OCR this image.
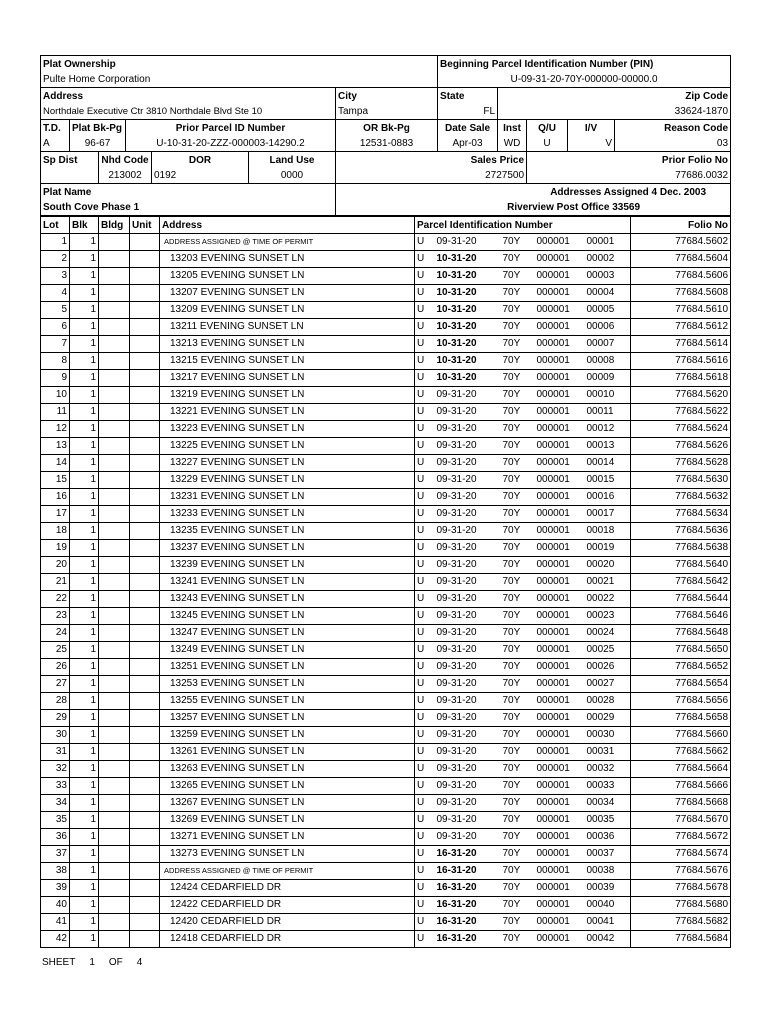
Plat Ownership							Beginning Parcel Identification Number (PIN)				
Pulte Home Corporation							U-09-31-20-70Y-000000-00000.0				
Address						City	State	Zip Code			
Northdale Executive Ctr 3810 Northdale Blvd Ste 10						Tampa	FL	33624-1870			
T.D.	Plat Bk-Pg		Prior Parcel ID Number			OR Bk-Pg	Date Sale	Inst	Q/U	I/V	Reason Code
A	96-67		U-10-31-20-ZZZ-000003-14290.2			12531-0883	Apr-03	WD	U	V	03
Sp Dist		Nhd Code		DOR	Land Use	Sales Price			Prior Folio No		
		213002		0192	0000	2727500			77686.0032		
Plat Name						Addresses Assigned 4 Dec. 2003					
South Cove Phase 1						Riverview Post Office 33569					
Lot	Blk	Bldg	Unit	Address	Parcel Identification Number					Folio No
1	1			ADDRESS ASSIGNED @ TIME OF PERMIT	U	09-31-20	70Y	000001	00001	77684.5602
2	1			13203 EVENING SUNSET LN	U	10-31-20	70Y	000001	00002	77684.5604
3	1			13205 EVENING SUNSET LN	U	10-31-20	70Y	000001	00003	77684.5606
4	1			13207 EVENING SUNSET LN	U	10-31-20	70Y	000001	00004	77684.5608
5	1			13209 EVENING SUNSET LN	U	10-31-20	70Y	000001	00005	77684.5610
6	1			13211 EVENING SUNSET LN	U	10-31-20	70Y	000001	00006	77684.5612
7	1			13213 EVENING SUNSET LN	U	10-31-20	70Y	000001	00007	77684.5614
8	1			13215 EVENING SUNSET LN	U	10-31-20	70Y	000001	00008	77684.5616
9	1			13217 EVENING SUNSET LN	U	10-31-20	70Y	000001	00009	77684.5618
10	1			13219 EVENING SUNSET LN	U	09-31-20	70Y	000001	00010	77684.5620
11	1			13221 EVENING SUNSET LN	U	09-31-20	70Y	000001	00011	77684.5622
12	1			13223 EVENING SUNSET LN	U	09-31-20	70Y	000001	00012	77684.5624
13	1			13225 EVENING SUNSET LN	U	09-31-20	70Y	000001	00013	77684.5626
14	1			13227 EVENING SUNSET LN	U	09-31-20	70Y	000001	00014	77684.5628
15	1			13229 EVENING SUNSET LN	U	09-31-20	70Y	000001	00015	77684.5630
16	1			13231 EVENING SUNSET LN	U	09-31-20	70Y	000001	00016	77684.5632
17	1			13233 EVENING SUNSET LN	U	09-31-20	70Y	000001	00017	77684.5634
18	1			13235 EVENING SUNSET LN	U	09-31-20	70Y	000001	00018	77684.5636
19	1			13237 EVENING SUNSET LN	U	09-31-20	70Y	000001	00019	77684.5638
20	1			13239 EVENING SUNSET LN	U	09-31-20	70Y	000001	00020	77684.5640
21	1			13241 EVENING SUNSET LN	U	09-31-20	70Y	000001	00021	77684.5642
22	1			13243 EVENING SUNSET LN	U	09-31-20	70Y	000001	00022	77684.5644
23	1			13245 EVENING SUNSET LN	U	09-31-20	70Y	000001	00023	77684.5646
24	1			13247 EVENING SUNSET LN	U	09-31-20	70Y	000001	00024	77684.5648
25	1			13249 EVENING SUNSET LN	U	09-31-20	70Y	000001	00025	77684.5650
26	1			13251 EVENING SUNSET LN	U	09-31-20	70Y	000001	00026	77684.5652
27	1			13253 EVENING SUNSET LN	U	09-31-20	70Y	000001	00027	77684.5654
28	1			13255 EVENING SUNSET LN	U	09-31-20	70Y	000001	00028	77684.5656
29	1			13257 EVENING SUNSET LN	U	09-31-20	70Y	000001	00029	77684.5658
30	1			13259 EVENING SUNSET LN	U	09-31-20	70Y	000001	00030	77684.5660
31	1			13261 EVENING SUNSET LN	U	09-31-20	70Y	000001	00031	77684.5662
32	1			13263 EVENING SUNSET LN	U	09-31-20	70Y	000001	00032	77684.5664
33	1			13265 EVENING SUNSET LN	U	09-31-20	70Y	000001	00033	77684.5666
34	1			13267 EVENING SUNSET LN	U	09-31-20	70Y	000001	00034	77684.5668
35	1			13269 EVENING SUNSET LN	U	09-31-20	70Y	000001	00035	77684.5670
36	1			13271 EVENING SUNSET LN	U	09-31-20	70Y	000001	00036	77684.5672
37	1			13273 EVENING SUNSET LN	U	16-31-20	70Y	000001	00037	77684.5674
38	1			ADDRESS ASSIGNED @ TIME OF PERMIT	U	16-31-20	70Y	000001	00038	77684.5676
39	1			12424 CEDARFIELD DR	U	16-31-20	70Y	000001	00039	77684.5678
40	1			12422 CEDARFIELD DR	U	16-31-20	70Y	000001	00040	77684.5680
41	1			12420 CEDARFIELD DR	U	16-31-20	70Y	000001	00041	77684.5682
42	1			12418 CEDARFIELD DR	U	16-31-20	70Y	000001	00042	77684.5684
SHEET 1 OF 4
